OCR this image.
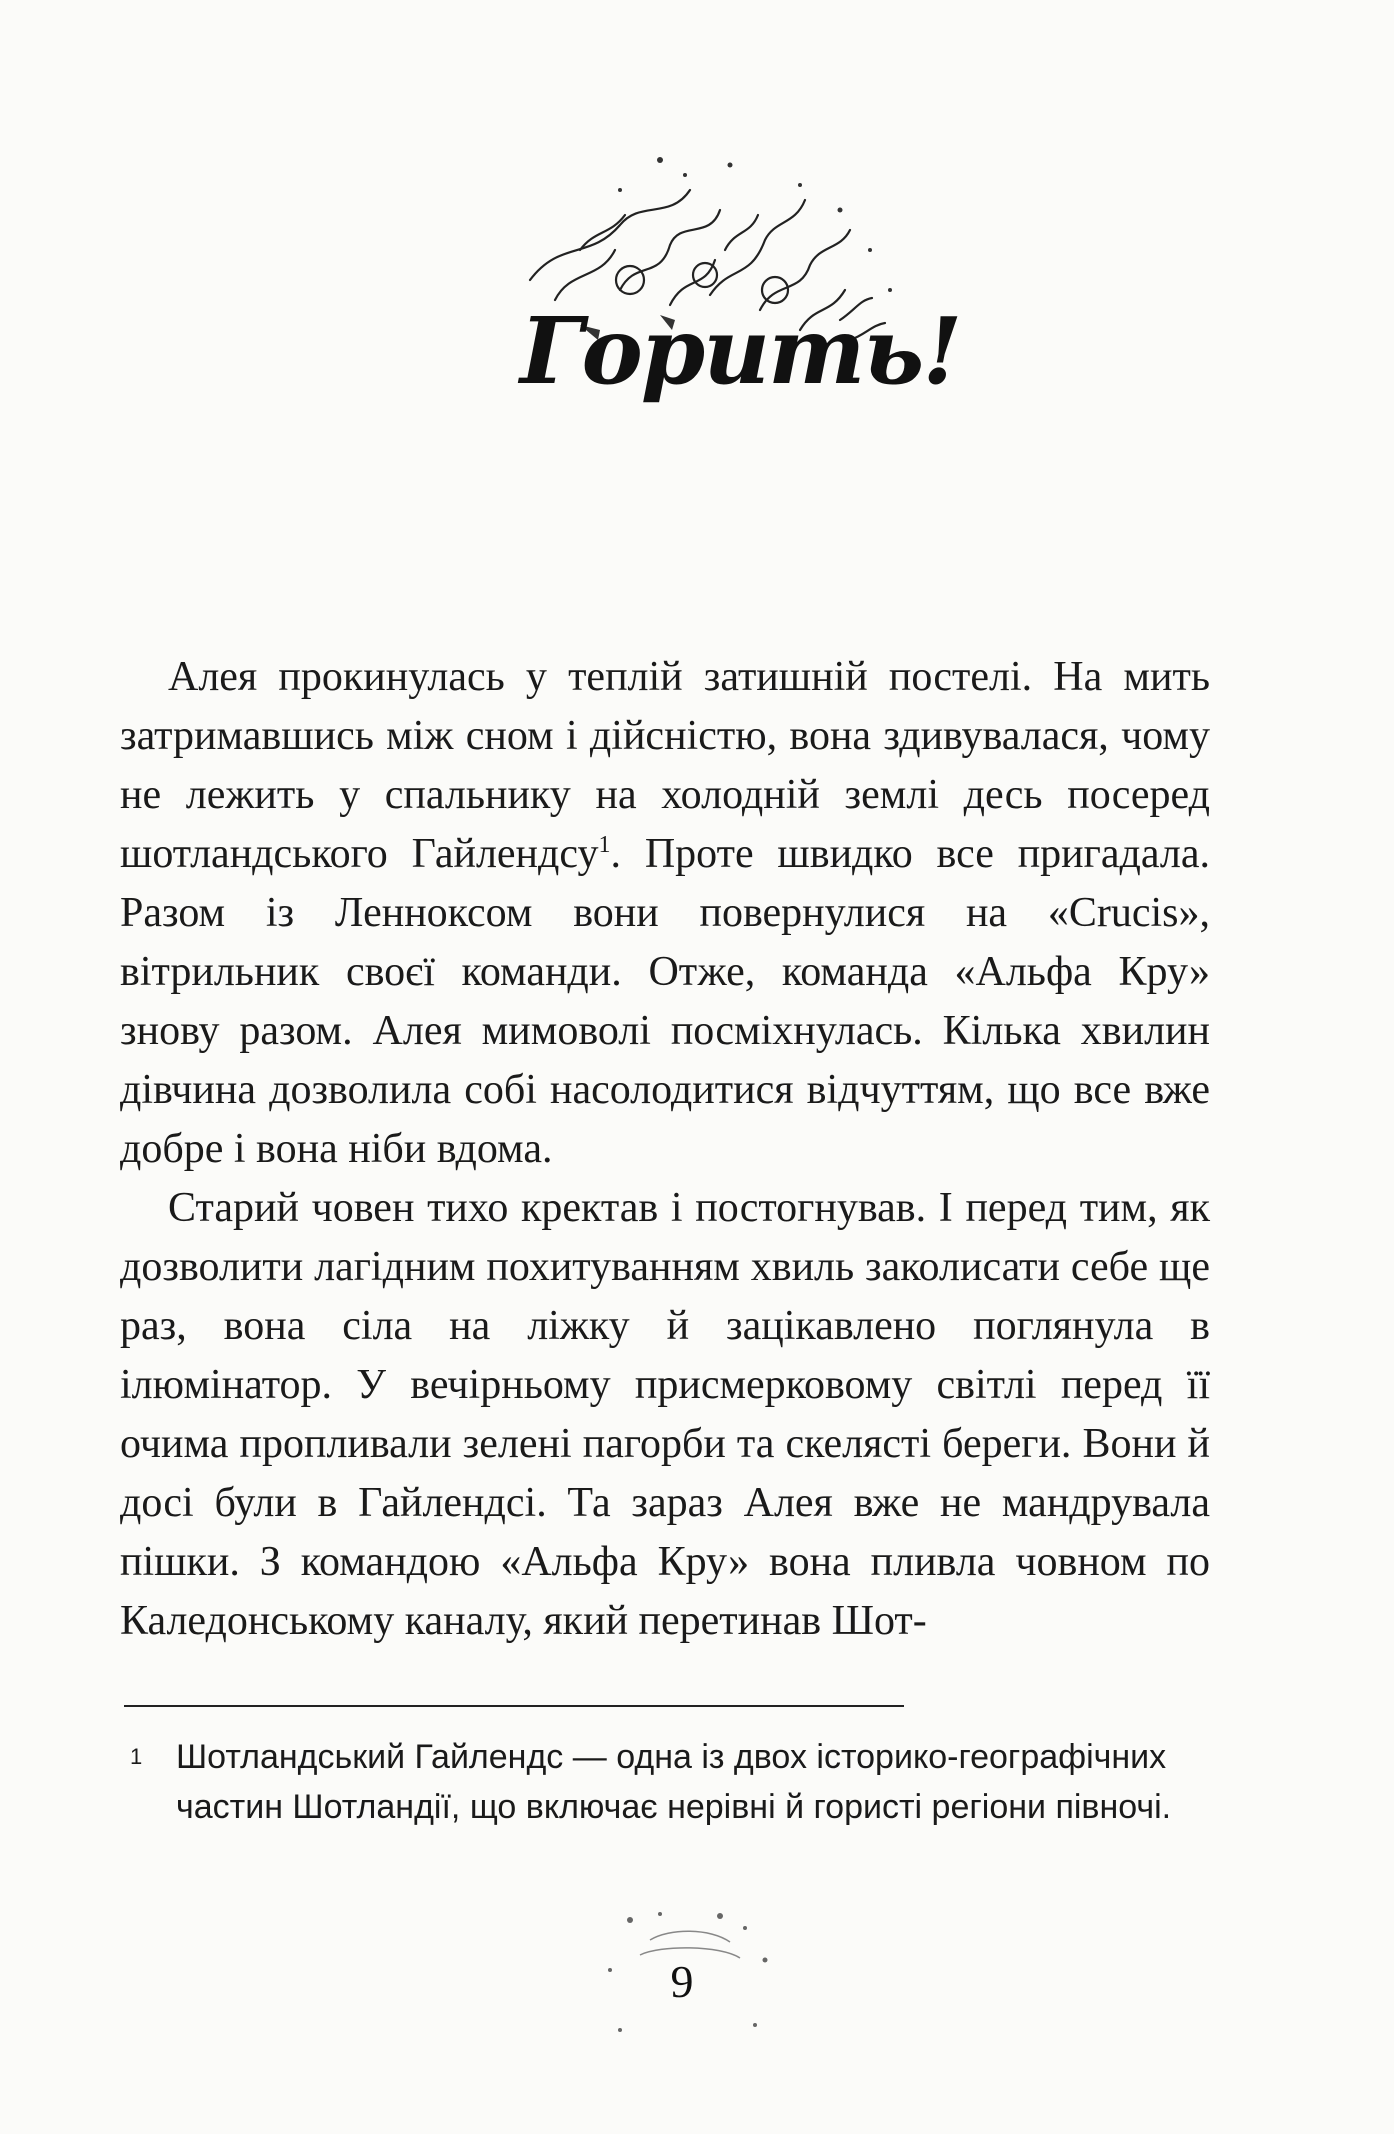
Горить!

Алея прокинулась у теплій затишній постелі. На мить затримавшись між сном і дійсністю, вона здивувалася, чому не лежить у спальнику на холодній землі десь посеред шотландського Гайлендсу$^1$. Проте швидко все пригадала. Разом із Ленноксом вони повернулися на «Crucis», вітрильник своєї команди. Отже, команда «Альфа Кру» знову разом. Алея мимоволі посміхнулась. Кілька хвилин дівчина дозволила собі насолодитися відчуттям, що все вже добре і вона ніби вдома.

Старий човен тихо кректав і постогнував. І перед тим, як дозволити лагідним похитуванням хвиль заколисати себе ще раз, вона сіла на ліжку й зацікавлено поглянула в ілюмінатор. У вечірньому присмерковому світлі перед її очима пропливали зелені пагорби та скелясті береги. Вони й досі були в Гайлендсі. Та зараз Алея вже не мандрувала пішки. З командою «Альфа Кру» вона пливла човном по Каледонському каналу, який перетинав Шот-

1 Шотландський Гайлендс — одна із двох історико-географічних частин Шотландії, що включає нерівні й гористі регіони півночі.
9
